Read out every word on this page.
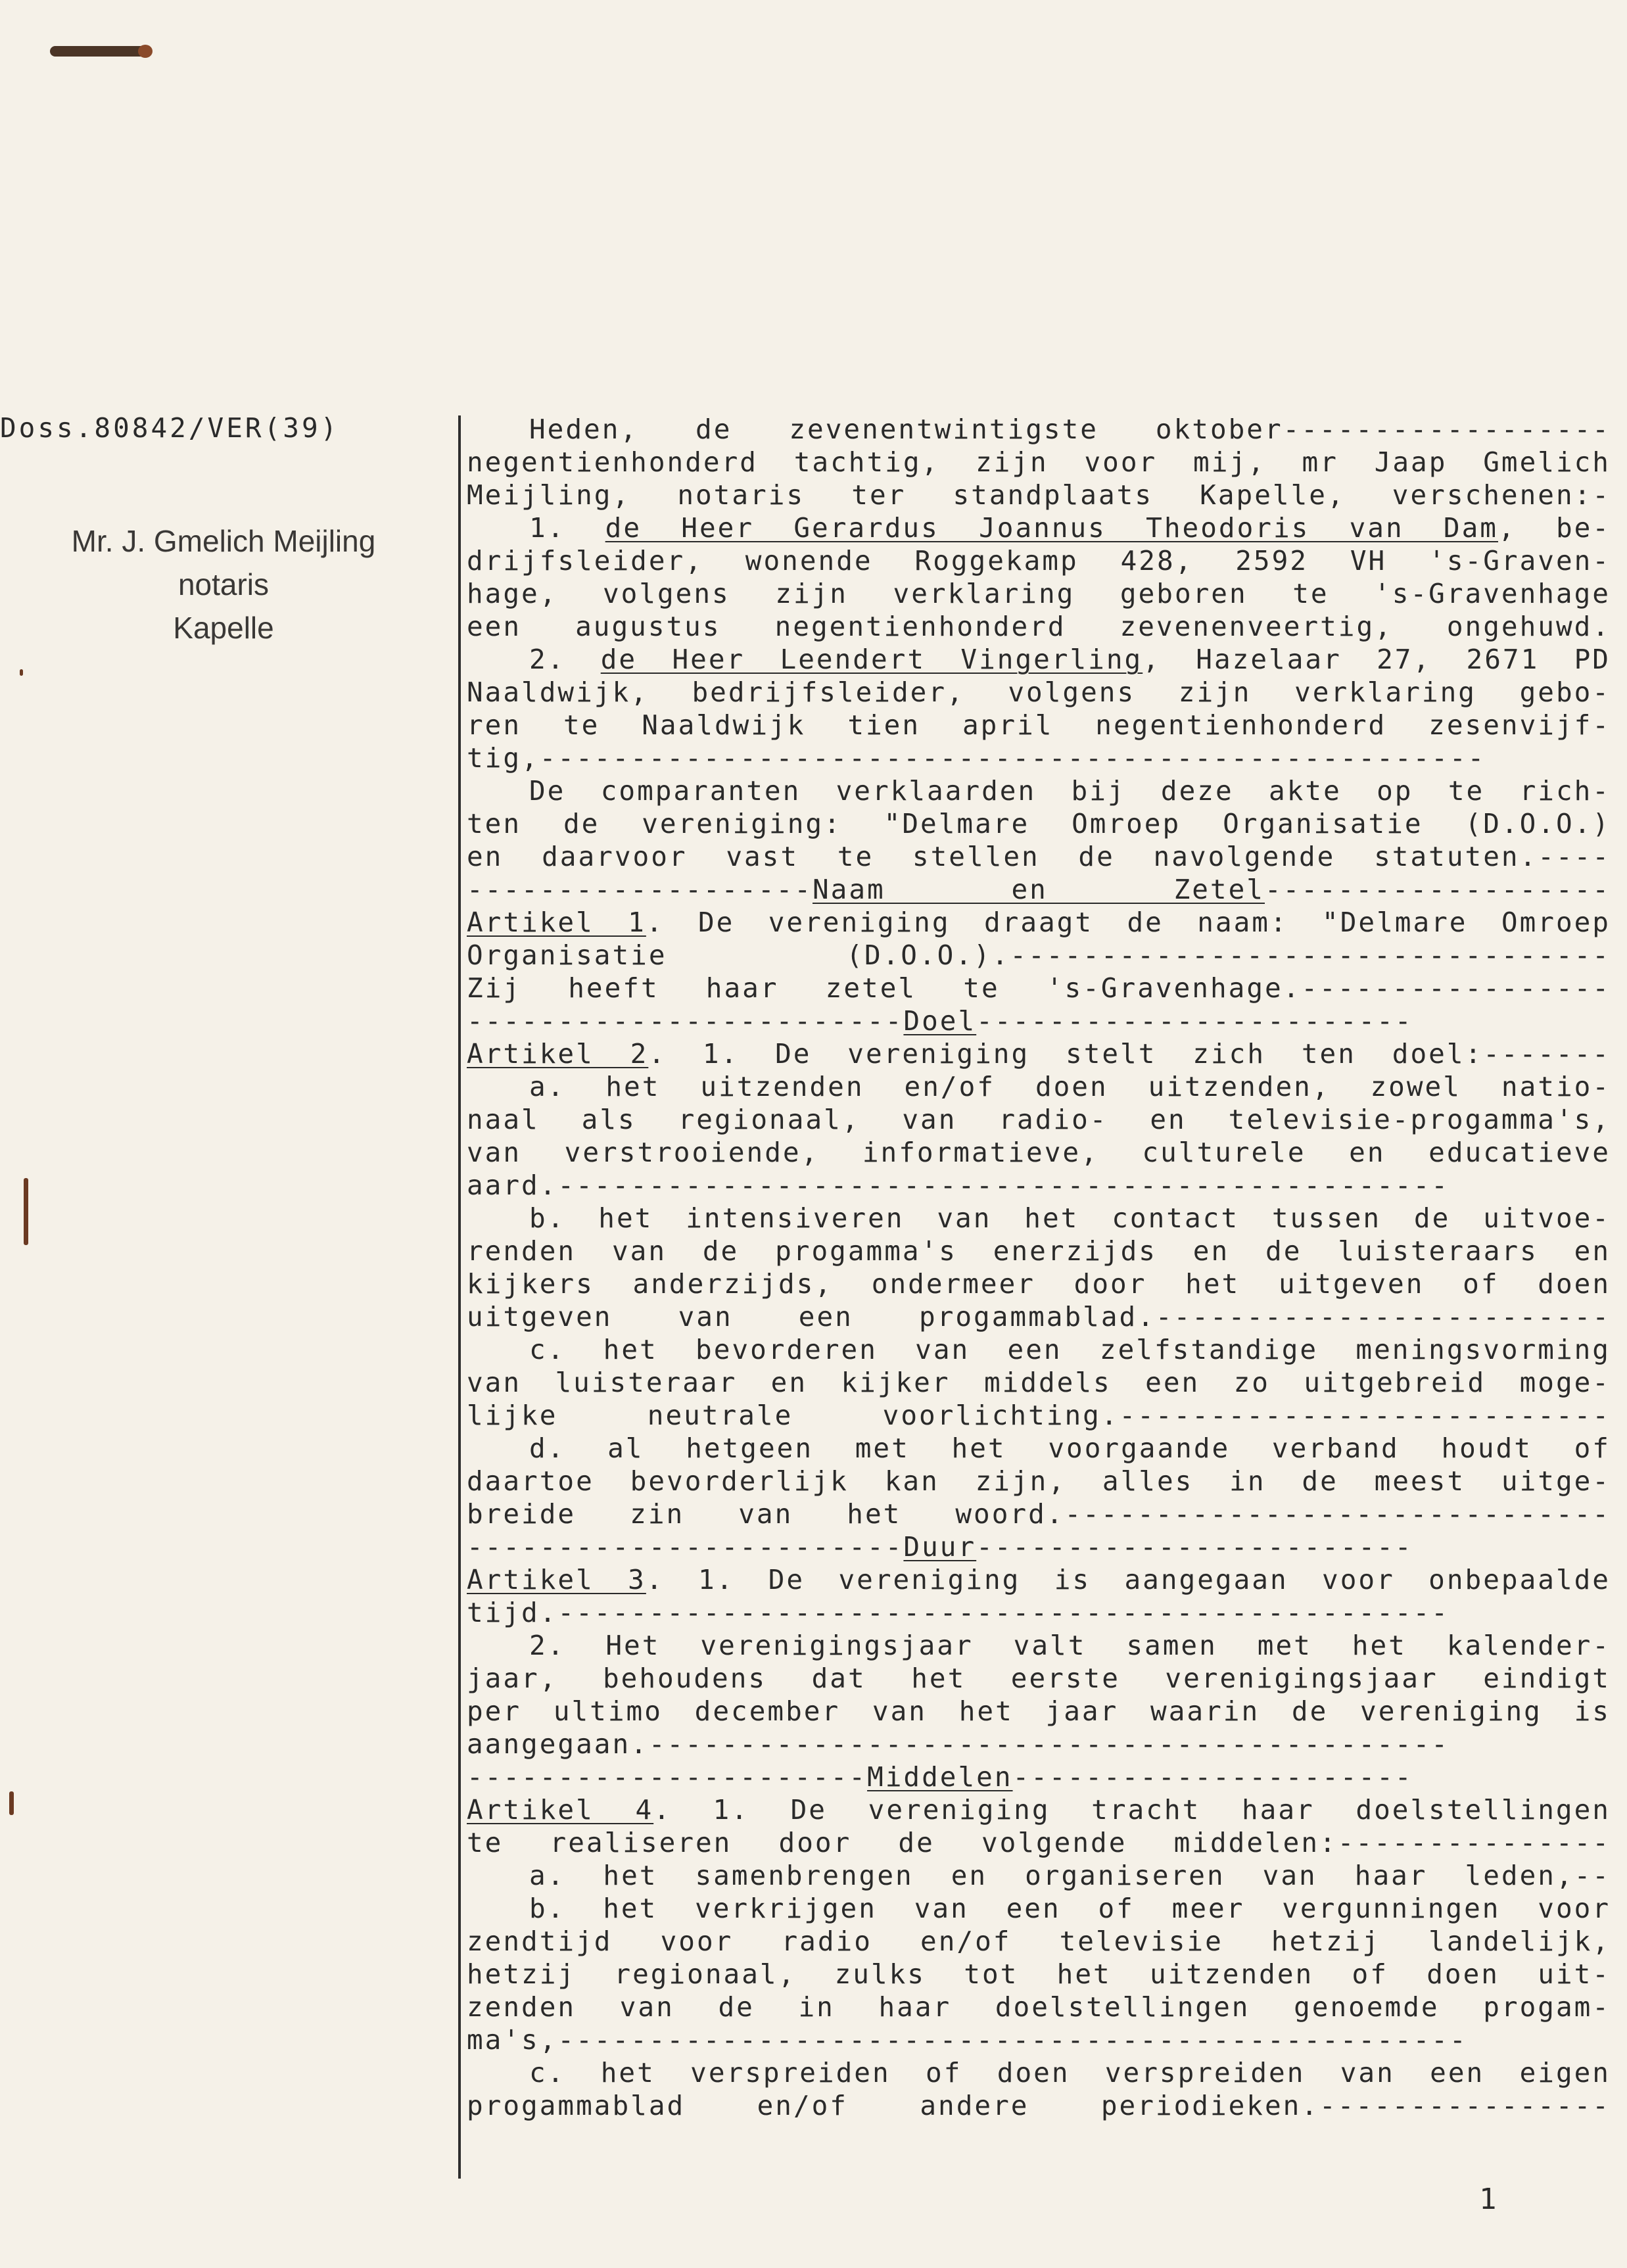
Doss.80842/VER(39)
Mr. J. Gmelich Meijling
notaris
Kapelle
Heden, de zevenentwintigste oktober------------------
negentienhonderd tachtig, zijn voor mij, mr Jaap Gmelich
Meijling, notaris ter standplaats Kapelle, verschenen:-
1. de Heer Gerardus Joannus Theodoris van Dam, be-
drijfsleider, wonende Roggekamp 428, 2592 VH 's-Graven-
hage, volgens zijn verklaring geboren te 's-Gravenhage
een augustus negentienhonderd zevenenveertig, ongehuwd.
2. de Heer Leendert Vingerling, Hazelaar 27, 2671 PD
Naaldwijk, bedrijfsleider, volgens zijn verklaring gebo-
ren te Naaldwijk tien april negentienhonderd zesenvijf-
tig,----------------------------------------------------
De comparanten verklaarden bij deze akte op te rich-
ten de vereniging: "Delmare Omroep Organisatie (D.O.O.)
en daarvoor vast te stellen de navolgende statuten.----
-------------------Naam en Zetel-------------------
Artikel 1. De vereniging draagt de naam: "Delmare Omroep
Organisatie (D.O.O.).---------------------------------
Zij heeft haar zetel te 's-Gravenhage.-----------------
------------------------Doel------------------------
Artikel 2. 1. De vereniging stelt zich ten doel:-------
a. het uitzenden en/of doen uitzenden, zowel natio-
naal als regionaal, van radio- en televisie-progamma's,
van verstrooiende, informatieve, culturele en educatieve
aard.-------------------------------------------------
b. het intensiveren van het contact tussen de uitvoe-
renden van de progamma's enerzijds en de luisteraars en
kijkers anderzijds, ondermeer door het uitgeven of doen
uitgeven van een progammablad.-------------------------
c. het bevorderen van een zelfstandige meningsvorming
van luisteraar en kijker middels een zo uitgebreid moge-
lijke neutrale voorlichting.---------------------------
d. al hetgeen met het voorgaande verband houdt of
daartoe bevorderlijk kan zijn, alles in de meest uitge-
breide zin van het woord.------------------------------
------------------------Duur------------------------
Artikel 3. 1. De vereniging is aangegaan voor onbepaalde
tijd.-------------------------------------------------
2. Het verenigingsjaar valt samen met het kalender-
jaar, behoudens dat het eerste verenigingsjaar eindigt
per ultimo december van het jaar waarin de vereniging is
aangegaan.--------------------------------------------
----------------------Middelen----------------------
Artikel 4. 1. De vereniging tracht haar doelstellingen
te realiseren door de volgende middelen:---------------
a. het samenbrengen en organiseren van haar leden,--
b. het verkrijgen van een of meer vergunningen voor
zendtijd voor radio en/of televisie hetzij landelijk,
hetzij regionaal, zulks tot het uitzenden of doen uit-
zenden van de in haar doelstellingen genoemde progam-
ma's,--------------------------------------------------
c. het verspreiden of doen verspreiden van een eigen
progammablad en/of andere periodieken.----------------
1
